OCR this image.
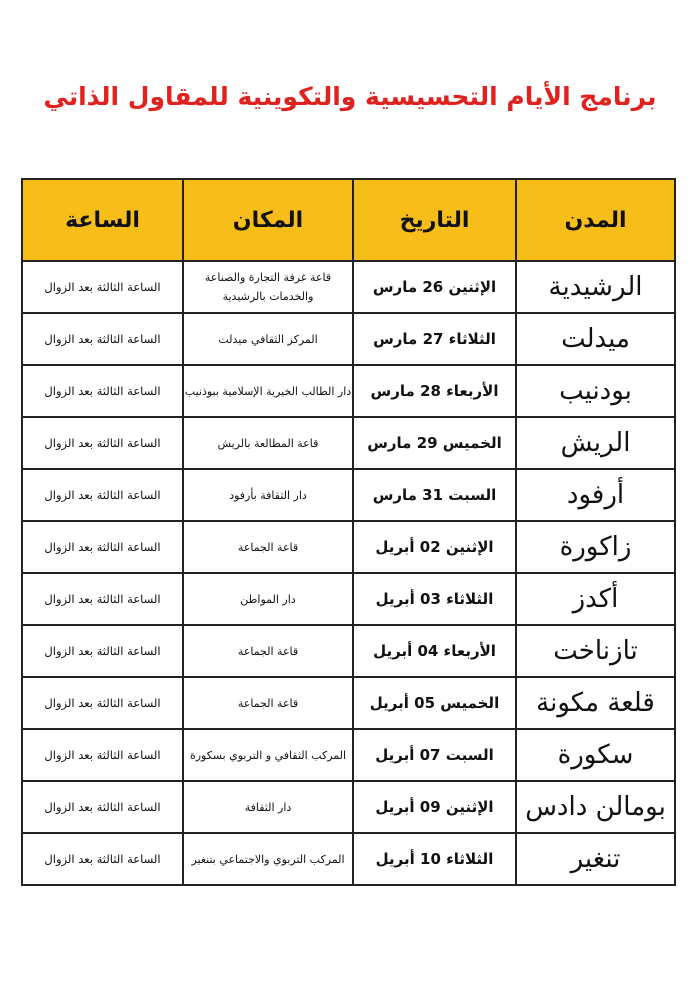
برنامج الأيام التحسيسية والتكوينية للمقاول الذاتي
المدن	التاريخ	المكان	الساعة
الرشيدية	الإثنين 26 مارس	قاعة غرفة التجارة والصناعة والخدمات بالرشيدية	الساعة الثالثة بعد الزوال
ميدلت	الثلاثاء 27 مارس	المركز الثقافي ميدلت	الساعة الثالثة بعد الزوال
بودنيب	الأربعاء 28 مارس	دار الطالب الخيرية الإسلامية ببوذنيب	الساعة الثالثة بعد الزوال
الريش	الخميس 29 مارس	قاعة المطالعة بالريش	الساعة الثالثة بعد الزوال
أرفود	السبت 31 مارس	دار الثقافة بأرفود	الساعة الثالثة بعد الزوال
زاكورة	الإثنين 02 أبريل	قاعة الجماعة	الساعة الثالثة بعد الزوال
أكدز	الثلاثاء 03 أبريل	دار المواطن	الساعة الثالثة بعد الزوال
تازناخت	الأربعاء 04 أبريل	قاعة الجماعة	الساعة الثالثة بعد الزوال
قلعة مكونة	الخميس 05 أبريل	قاعة الجماعة	الساعة الثالثة بعد الزوال
سكورة	السبت 07 أبريل	المركب الثقافي و التربوي بسكورة	الساعة الثالثة بعد الزوال
بومالن دادس	الإثنين 09 أبريل	دار الثقافة	الساعة الثالثة بعد الزوال
تنغير	الثلاثاء 10 أبريل	المركب التربوي والاجتماعي بتنغير	الساعة الثالثة بعد الزوال
